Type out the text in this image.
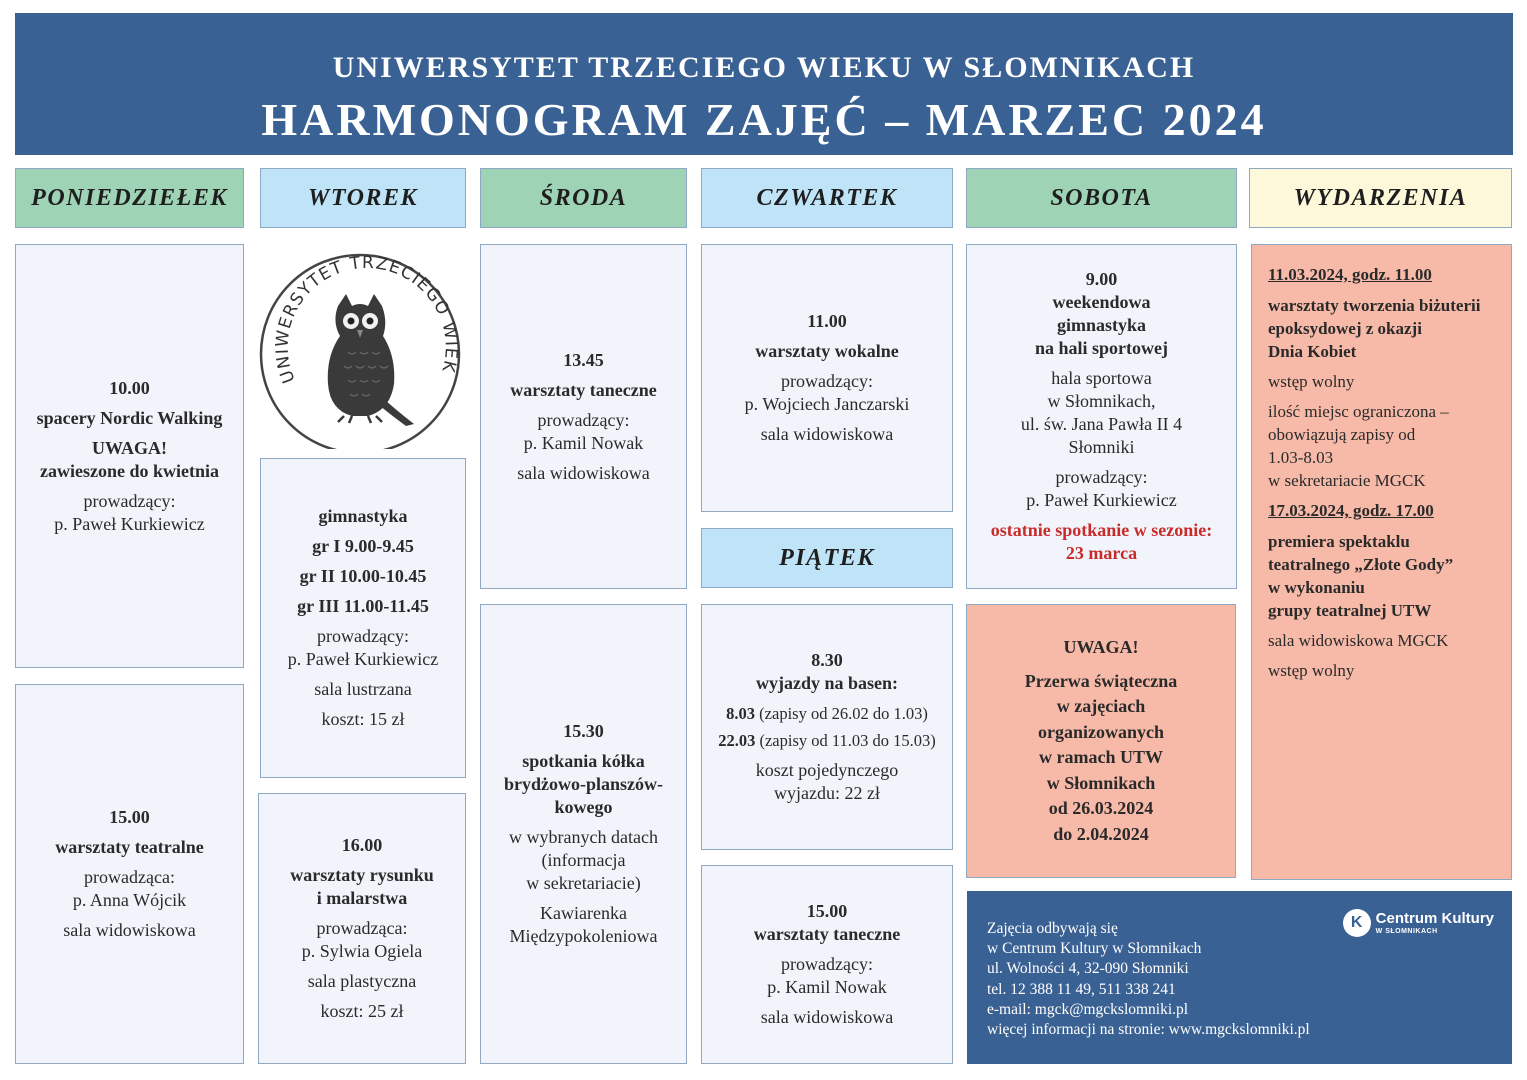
UNIWERSYTET TRZECIEGO WIEKU W SŁOMNIKACH
HARMONOGRAM ZAJĘĆ – MARZEC 2024
PONIEDZIEŁEK	WTOREK	ŚRODA	CZWARTEK	SOBOTA	WYDARZENIA
PIĄTEK
10.00
spacery Nordic Walking
UWAGA!
zawieszone do kwietnia
prowadzący:
p. Paweł Kurkiewicz
15.00
warsztaty teatralne
prowadząca:
p. Anna Wójcik
sala widowiskowa
UNIWERSYTET TRZECIEGO WIEK
gimnastyka
gr I 9.00-9.45
gr II 10.00-10.45
gr III 11.00-11.45
prowadzący:
p. Paweł Kurkiewicz
sala lustrzana
koszt: 15 zł
16.00
warsztaty rysunku
i malarstwa
prowadząca:
p. Sylwia Ogiela
sala plastyczna
koszt: 25 zł
13.45
warsztaty taneczne
prowadzący:
p. Kamil Nowak
sala widowiskowa
15.30
spotkania kółka
brydżowo-planszów-
kowego
w wybranych datach
(informacja
w sekretariacie)
Kawiarenka
Międzypokoleniowa
11.00
warsztaty wokalne
prowadzący:
p. Wojciech Janczarski
sala widowiskowa
8.30
wyjazdy na basen:
8.03 (zapisy od 26.02 do 1.03)
22.03 (zapisy od 11.03 do 15.03)
koszt pojedynczego
wyjazdu: 22 zł
15.00
warsztaty taneczne
prowadzący:
p. Kamil Nowak
sala widowiskowa
9.00
weekendowa
gimnastyka
na hali sportowej
hala sportowa
w Słomnikach,
ul. św. Jana Pawła II 4
Słomniki
prowadzący:
p. Paweł Kurkiewicz
ostatnie spotkanie w sezonie:
23 marca
UWAGA!
Przerwa świąteczna
w zajęciach
organizowanych
w ramach UTW
w Słomnikach
od 26.03.2024
do 2.04.2024

11.03.2024, godz. 11.00

warsztaty tworzenia biżuterii

epoksydowej z okazji

Dnia Kobiet

wstęp wolny

ilość miejsc ograniczona –

obowiązują zapisy od

1.03-8.03

w sekretariacie MGCK

17.03.2024, godz. 17.00

premiera spektaklu

teatralnego „Złote Gody”

w wykonaniu

grupy teatralnej UTW

sala widowiskowa MGCK

wstęp wolny

Zajęcia odbywają się
w Centrum Kultury w Słomnikach
ul. Wolności 4, 32-090 Słomniki
tel. 12 388 11 49, 511 338 241
e-mail: mgck@mgckslomniki.pl
więcej informacji na stronie: www.mgckslomniki.pl
K Centrum Kultury
W SŁOMNIKACH
